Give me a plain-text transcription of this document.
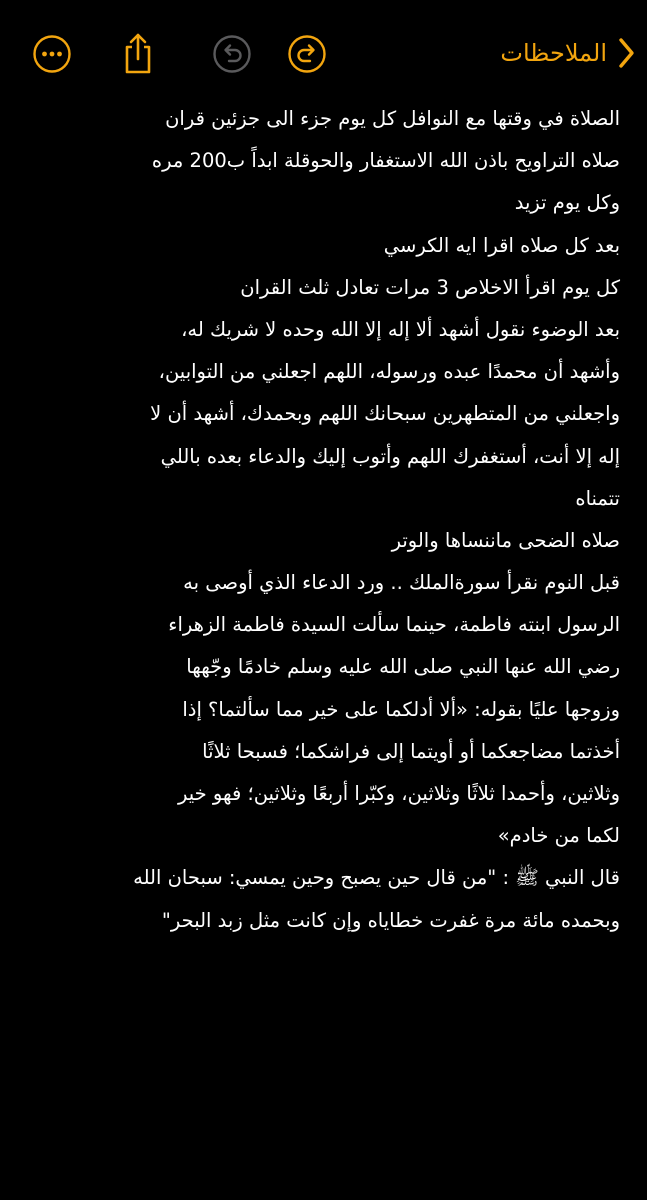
الملاحظات
الصلاة في وقتها مع النوافل كل يوم جزء الى جزئين قران
صلاه التراويح باذن الله الاستغفار والحوقلة ابداً ب200 مره
وكل يوم تزيد
بعد كل صلاه اقرا ايه الكرسي
كل يوم اقرأ الاخلاص 3 مرات تعادل ثلث القران
بعد الوضوء نقول أشهد ألا إله إلا الله وحده لا شريك له،
وأشهد أن محمدًا عبده ورسوله، اللهم اجعلني من التوابين،
واجعلني من المتطهرين سبحانك اللهم وبحمدك، أشهد أن لا
إله إلا أنت، أستغفرك اللهم وأتوب إليك والدعاء بعده باللي
تتمناه
صلاه الضحى ماننساها والوتر
قبل النوم نقرأ سورةالملك .. ورد الدعاء الذي أوصى به
الرسول ابنته فاطمة، حينما سألت السيدة فاطمة الزهراء
رضي الله عنها النبي صلى الله عليه وسلم خادمًا وجّهها
وزوجها عليًا بقوله: «ألا أدلكما على خير مما سألتما؟ إذا
أخذتما مضاجعكما أو أويتما إلى فراشكما؛ فسبحا ثلاثًا
وثلاثين، وأحمدا ثلاثًا وثلاثين، وكبّرا أربعًا وثلاثين؛ فهو خير
لكما من خادم»
قال النبي ﷺ : "من قال حين يصبح وحين يمسي: سبحان الله
وبحمده مائة مرة غفرت خطاياه وإن كانت مثل زبد البحر"
